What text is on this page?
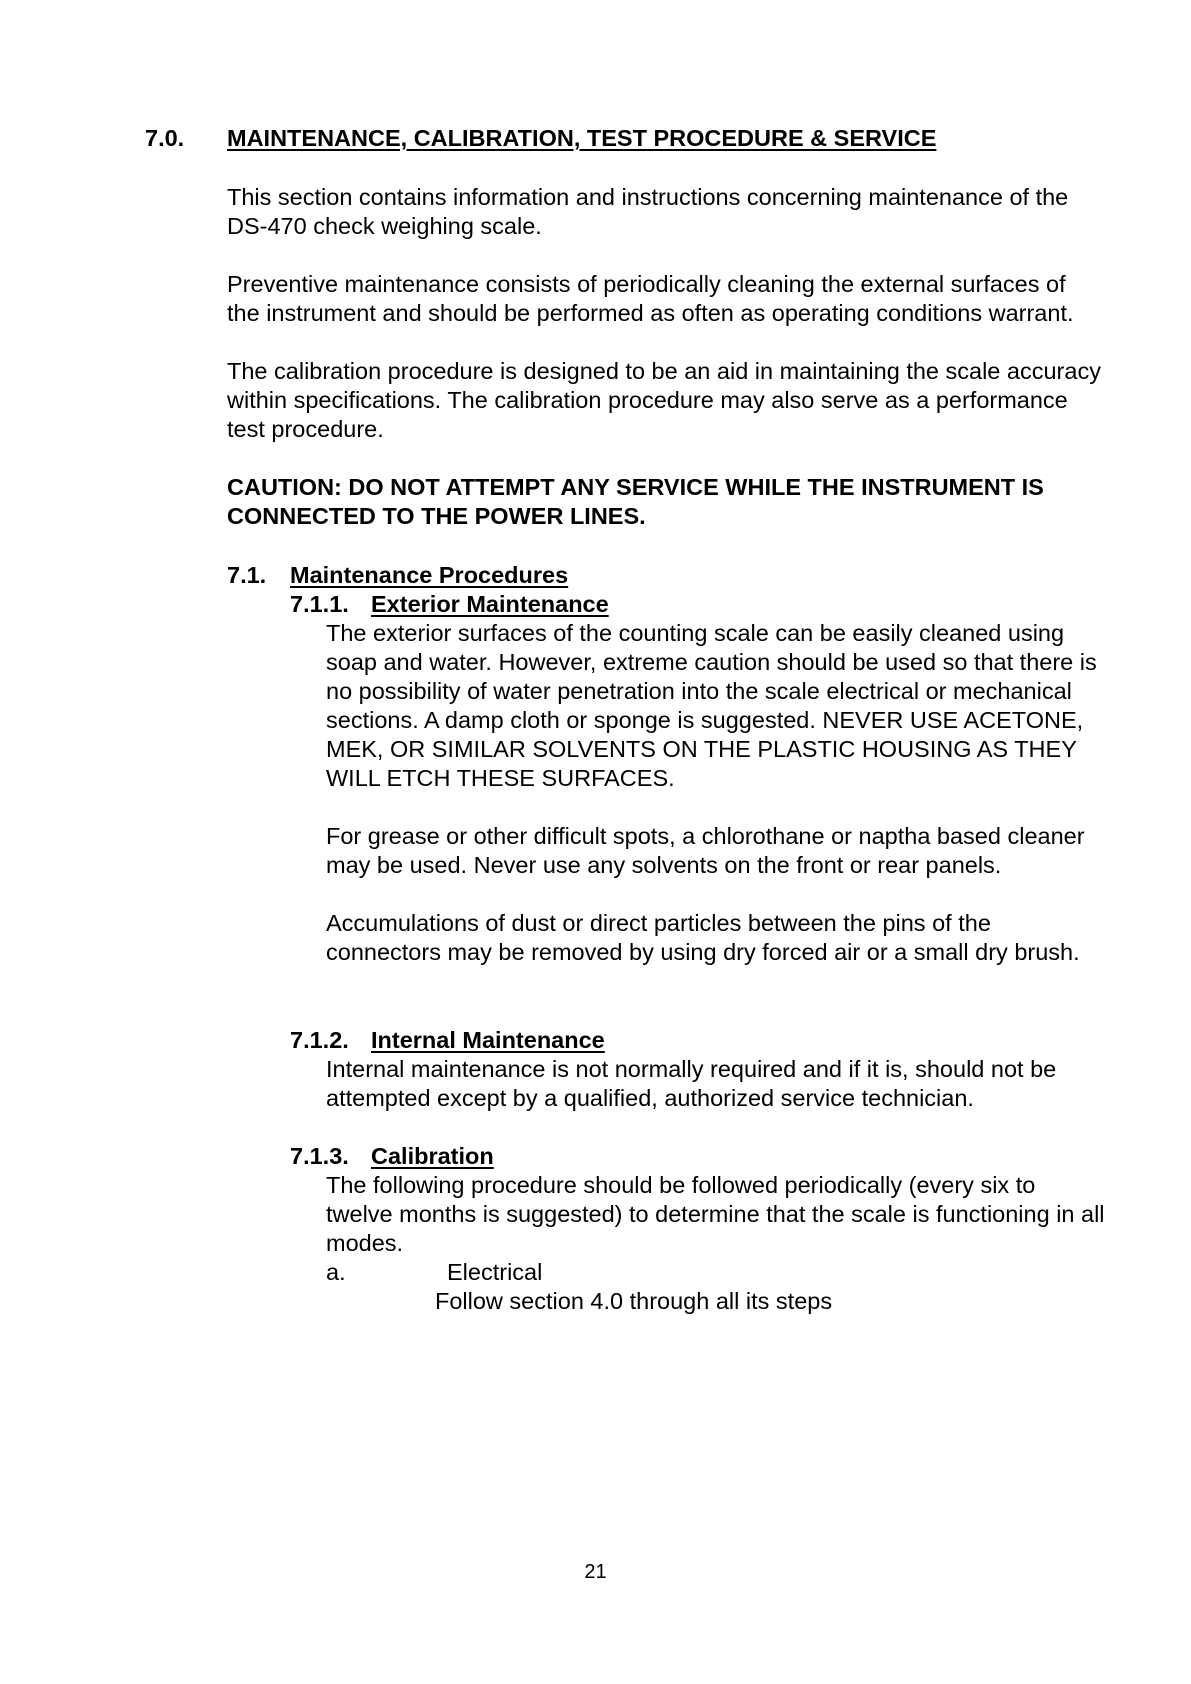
7.0. MAINTENANCE, CALIBRATION, TEST PROCEDURE & SERVICE
This section contains information and instructions concerning maintenance of the
DS-470 check weighing scale.
Preventive maintenance consists of periodically cleaning the external surfaces of
the instrument and should be performed as often as operating conditions warrant.
The calibration procedure is designed to be an aid in maintaining the scale accuracy
within specifications. The calibration procedure may also serve as a performance
test procedure.
CAUTION: DO NOT ATTEMPT ANY SERVICE WHILE THE INSTRUMENT IS
CONNECTED TO THE POWER LINES.
7.1. Maintenance Procedures
7.1.1. Exterior Maintenance
The exterior surfaces of the counting scale can be easily cleaned using
soap and water. However, extreme caution should be used so that there is
no possibility of water penetration into the scale electrical or mechanical
sections. A damp cloth or sponge is suggested. NEVER USE ACETONE,
MEK, OR SIMILAR SOLVENTS ON THE PLASTIC HOUSING AS THEY
WILL ETCH THESE SURFACES.
For grease or other difficult spots, a chlorothane or naptha based cleaner
may be used. Never use any solvents on the front or rear panels.
Accumulations of dust or direct particles between the pins of the
connectors may be removed by using dry forced air or a small dry brush.
7.1.2. Internal Maintenance
Internal maintenance is not normally required and if it is, should not be
attempted except by a qualified, authorized service technician.
7.1.3. Calibration
The following procedure should be followed periodically (every six to
twelve months is suggested) to determine that the scale is functioning in all
modes.
a.	Electrical
Follow section 4.0 through all its steps
21
